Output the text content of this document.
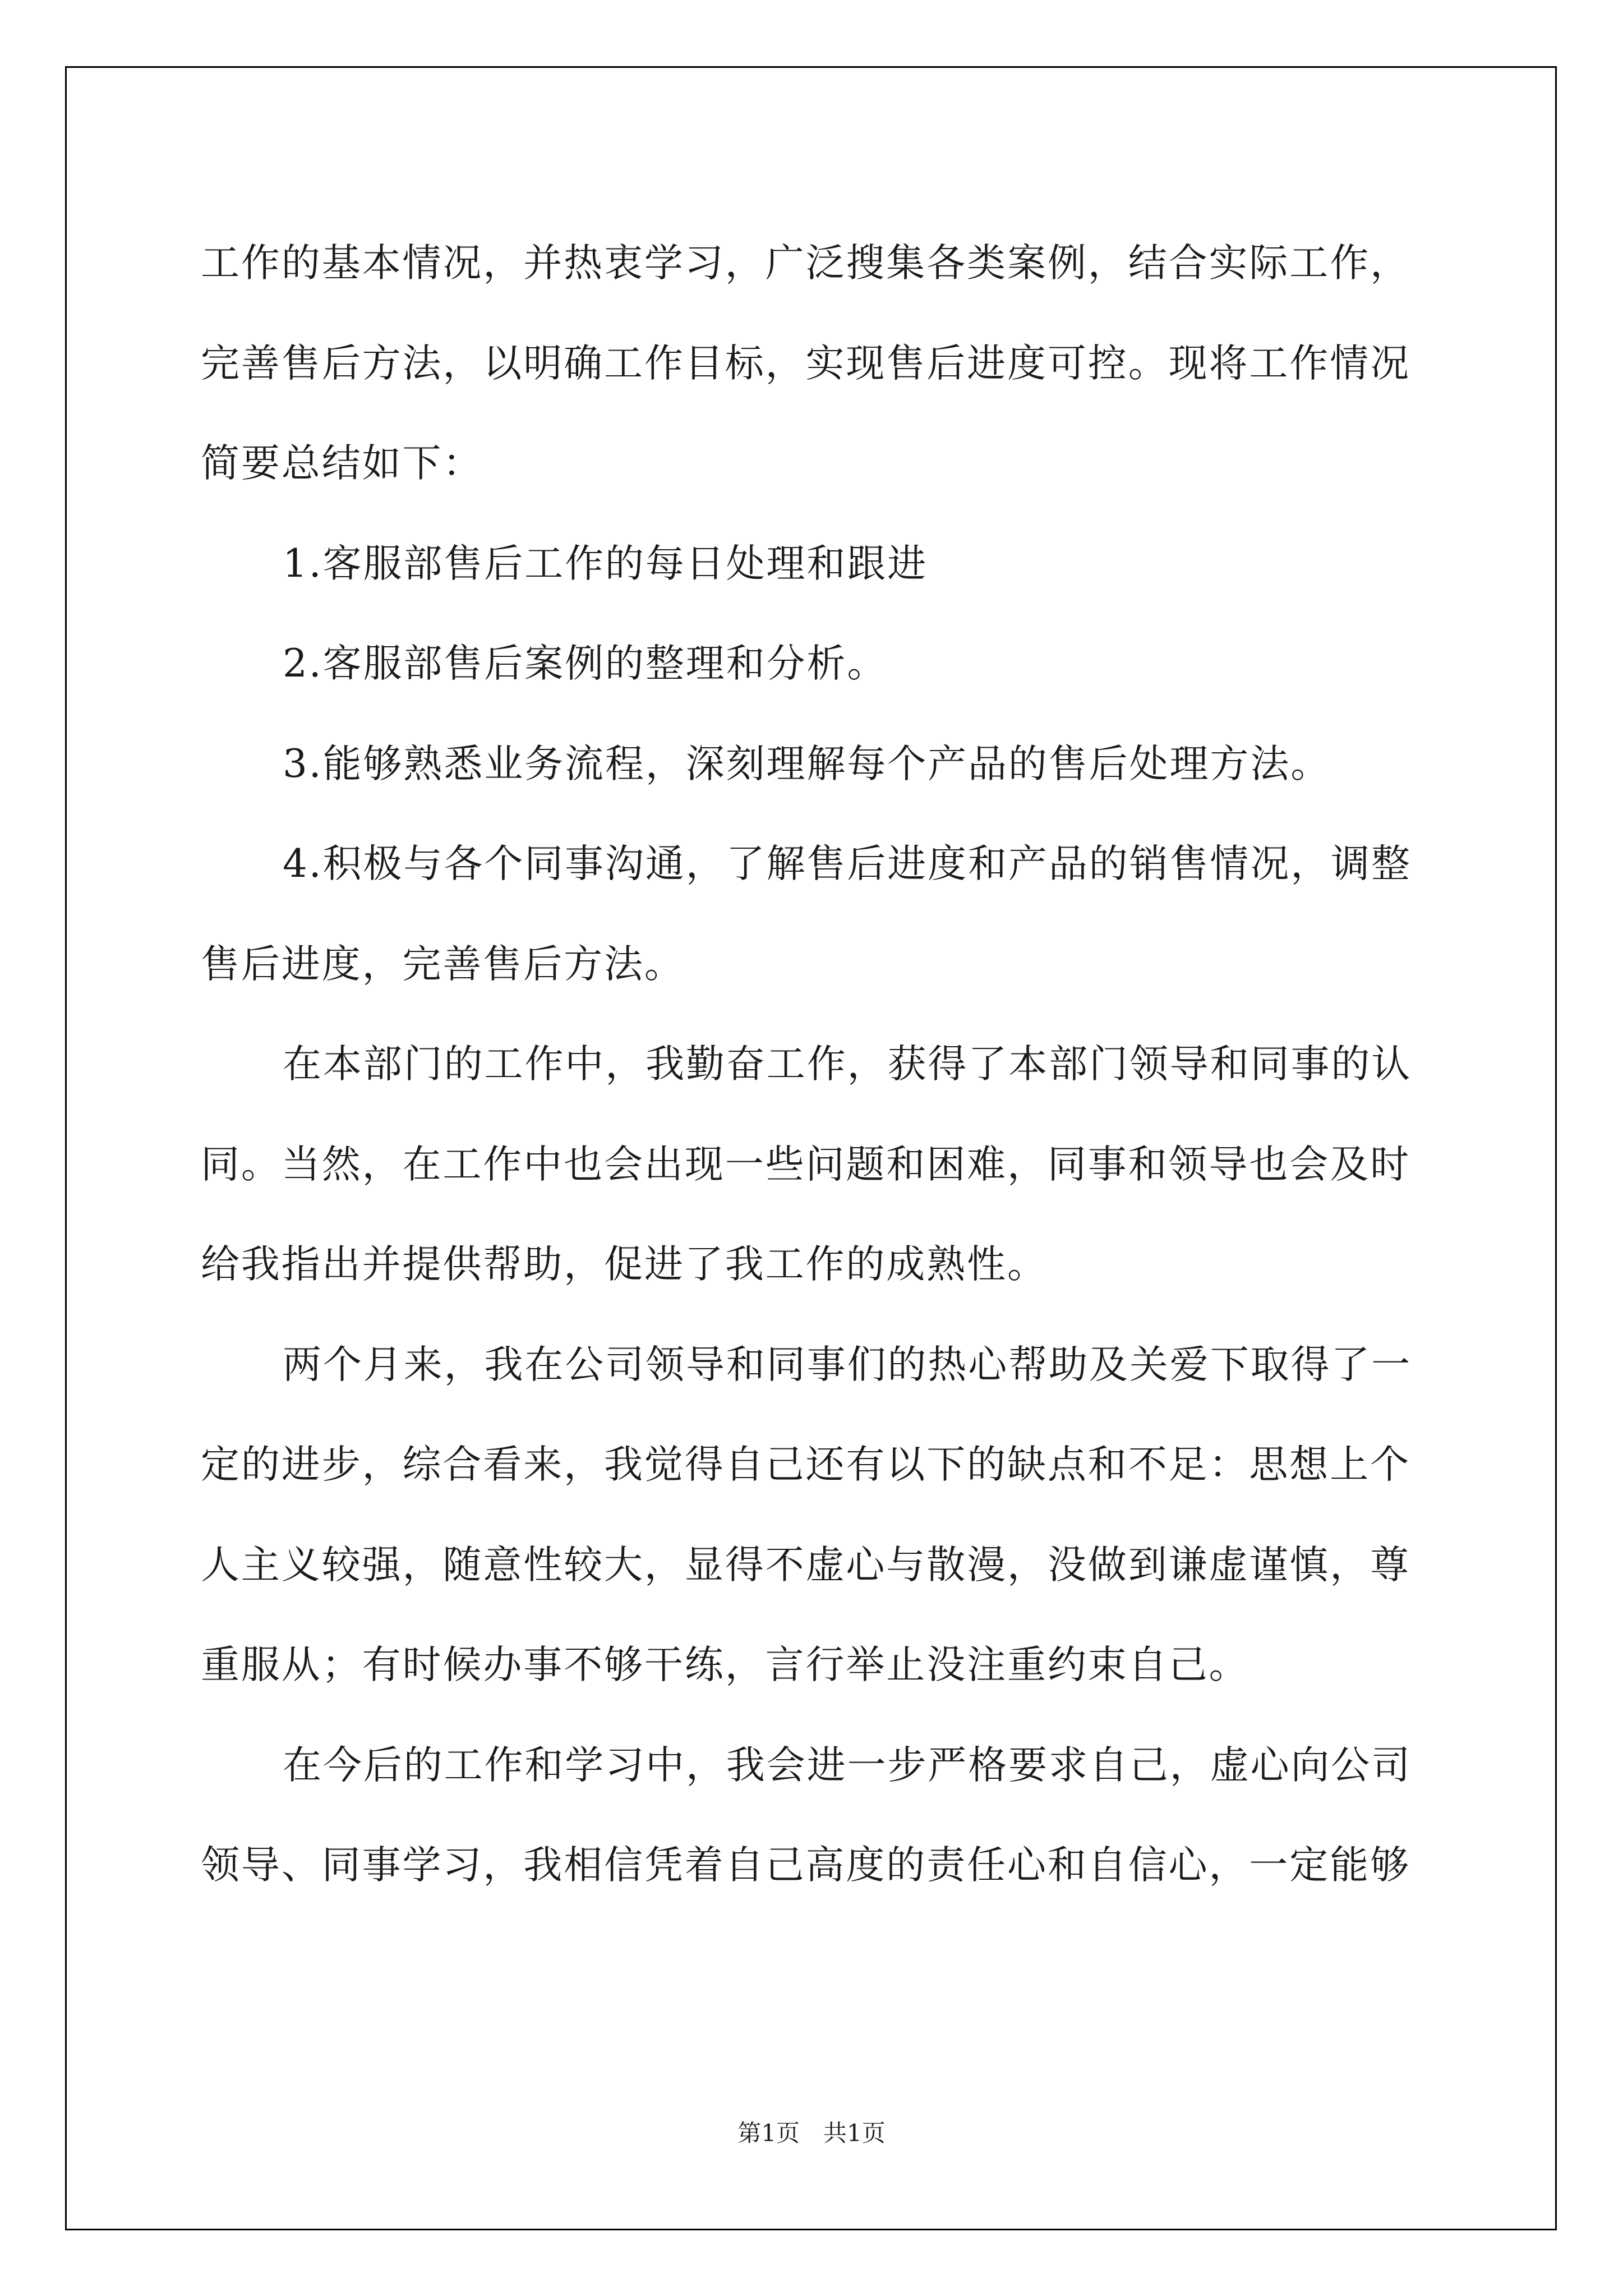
工作的基本情况，并热衷学习，广泛搜集各类案例，结合实际工作，完善售后方法，以明确工作目标，实现售后进度可控。现将工作情况简要总结如下：

1.客服部售后工作的每日处理和跟进

2.客服部售后案例的整理和分析。

3.能够熟悉业务流程，深刻理解每个产品的售后处理方法。

4.积极与各个同事沟通，了解售后进度和产品的销售情况，调整售后进度，完善售后方法。

在本部门的工作中，我勤奋工作，获得了本部门领导和同事的认同。当然，在工作中也会出现一些问题和困难，同事和领导也会及时给我指出并提供帮助，促进了我工作的成熟性。

两个月来，我在公司领导和同事们的热心帮助及关爱下取得了一定的进步，综合看来，我觉得自己还有以下的缺点和不足：思想上个人主义较强，随意性较大，显得不虚心与散漫，没做到谦虚谨慎，尊重服从；有时候办事不够干练，言行举止没注重约束自己。

在今后的工作和学习中，我会进一步严格要求自己，虚心向公司领导、同事学习，我相信凭着自己高度的责任心和自信心，一定能够

第1页　共1页
